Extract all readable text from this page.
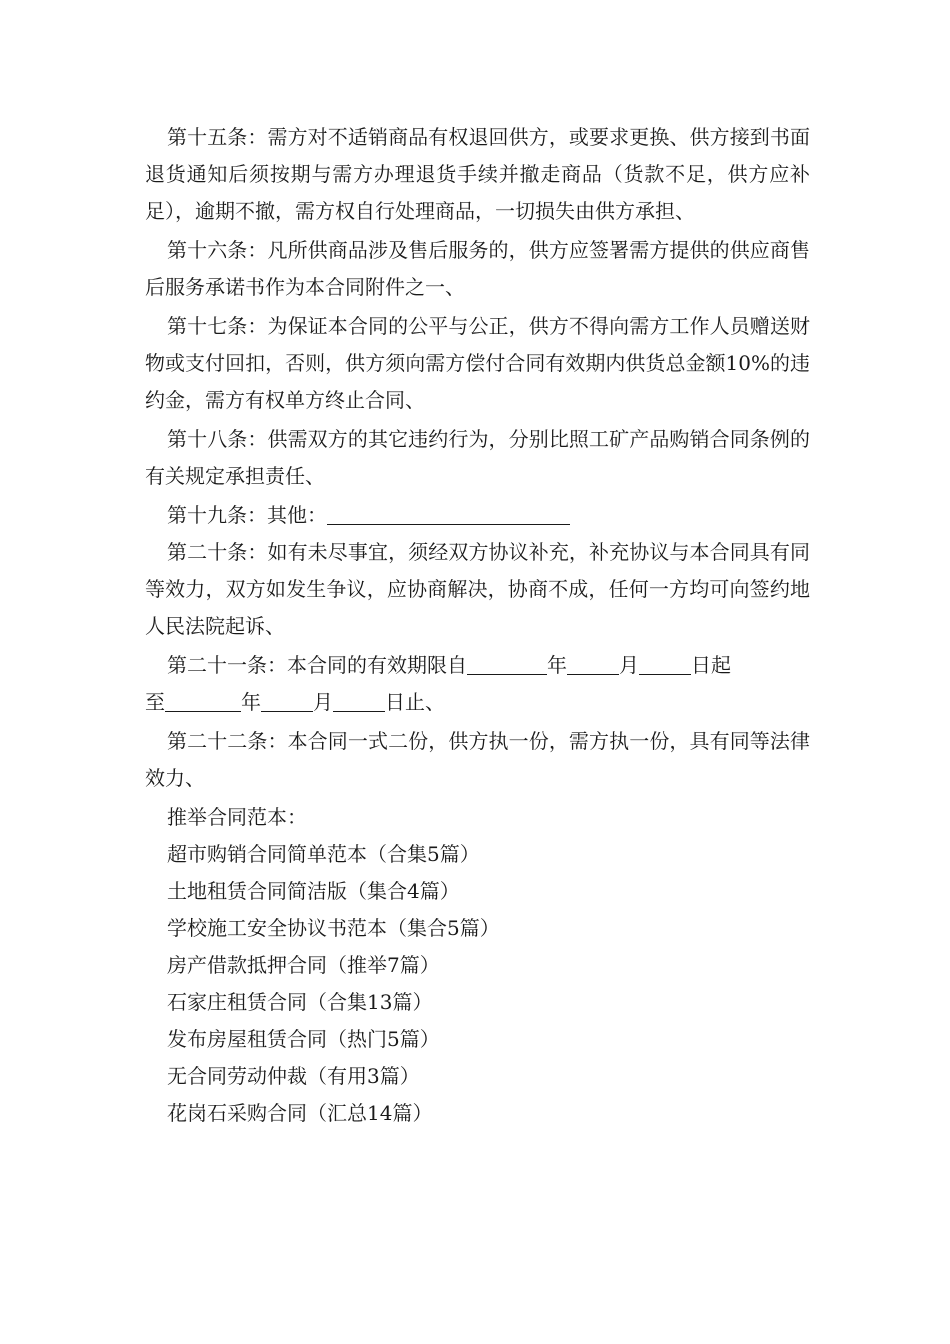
第十五条：需方对不适销商品有权退回供方，或要求更换、供方接到书面退货通知后须按期与需方办理退货手续并撤走商品（货款不足，供方应补足），逾期不撤，需方权自行处理商品，一切损失由供方承担、

第十六条：凡所供商品涉及售后服务的，供方应签署需方提供的供应商售后服务承诺书作为本合同附件之一、

第十七条：为保证本合同的公平与公正，供方不得向需方工作人员赠送财物或支付回扣，否则，供方须向需方偿付合同有效期内供货总金额10%的违约金，需方有权单方终止合同、

第十八条：供需双方的其它违约行为，分别比照工矿产品购销合同条例的有关规定承担责任、

第十九条：其他：

第二十条：如有未尽事宜，须经双方协议补充，补充协议与本合同具有同等效力，双方如发生争议，应协商解决，协商不成，任何一方均可向签约地人民法院起诉、

第二十一条：本合同的有效期限自	年	月	日起

至	年	月	日止、

第二十二条：本合同一式二份，供方执一份，需方执一份，具有同等法律效力、

推举合同范本：

超市购销合同简单范本（合集5篇）

土地租赁合同简洁版（集合4篇）

学校施工安全协议书范本（集合5篇）

房产借款抵押合同（推举7篇）

石家庄租赁合同（合集13篇）

发布房屋租赁合同（热门5篇）

无合同劳动仲裁（有用3篇）

花岗石采购合同（汇总14篇）
